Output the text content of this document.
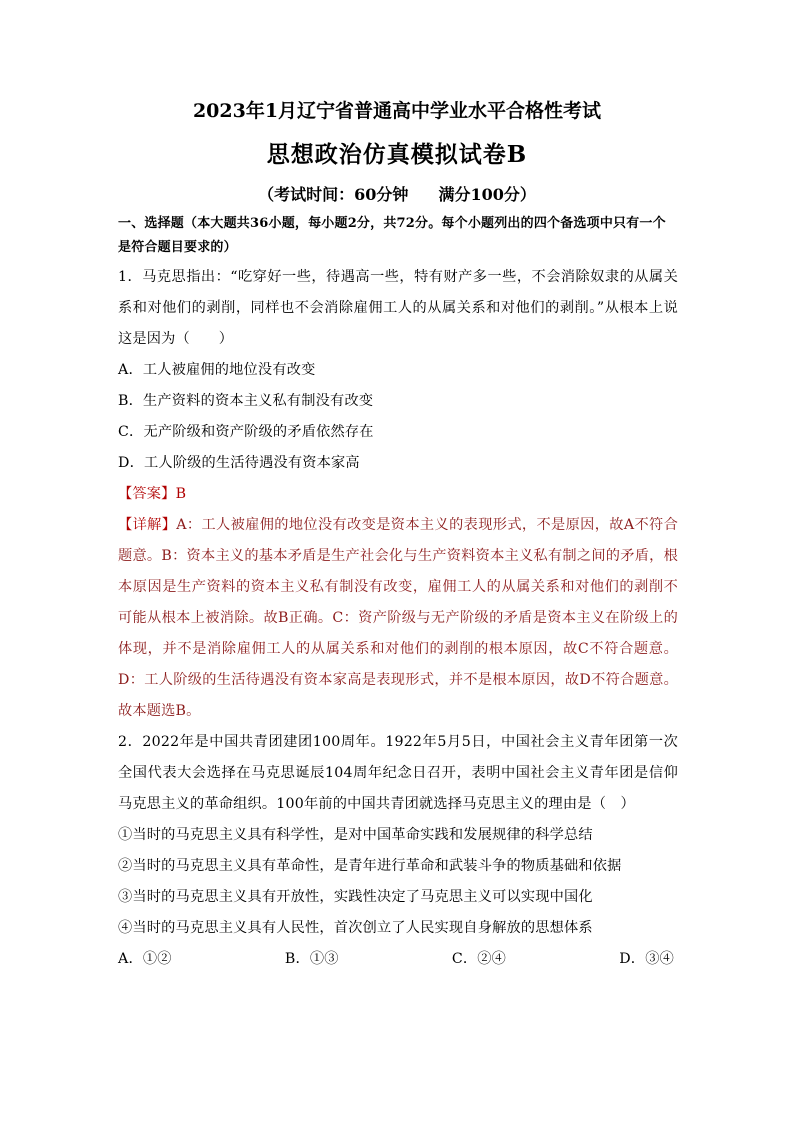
2023年1月辽宁省普通高中学业水平合格性考试
思想政治仿真模拟试卷B
（考试时间：60分钟 满分100分）
一、选择题（本大题共36小题，每小题2分，共72分。每个小题列出的四个备选项中只有一个是符合题目要求的）

1．马克思指出：“吃穿好一些，待遇高一些，特有财产多一些，不会消除奴隶的从属关系和对他们的剥削，同样也不会消除雇佣工人的从属关系和对他们的剥削。”从根本上说这是因为（　　）

A．工人被雇佣的地位没有改变

B．生产资料的资本主义私有制没有改变

C．无产阶级和资产阶级的矛盾依然存在

D．工人阶级的生活待遇没有资本家高

【答案】B

【详解】A：工人被雇佣的地位没有改变是资本主义的表现形式，不是原因，故A不符合题意。B：资本主义的基本矛盾是生产社会化与生产资料资本主义私有制之间的矛盾，根本原因是生产资料的资本主义私有制没有改变，雇佣工人的从属关系和对他们的剥削不可能从根本上被消除。故B正确。C：资产阶级与无产阶级的矛盾是资本主义在阶级上的体现，并不是消除雇佣工人的从属关系和对他们的剥削的根本原因，故C不符合题意。D：工人阶级的生活待遇没有资本家高是表现形式，并不是根本原因，故D不符合题意。故本题选B。

2．2022年是中国共青团建团100周年。1922年5月5日，中国社会主义青年团第一次全国代表大会选择在马克思诞辰104周年纪念日召开，表明中国社会主义青年团是信仰马克思主义的革命组织。100年前的中国共青团就选择马克思主义的理由是（　）

①当时的马克思主义具有科学性，是对中国革命实践和发展规律的科学总结

②当时的马克思主义具有革命性，是青年进行革命和武装斗争的物质基础和依据

③当时的马克思主义具有开放性，实践性决定了马克思主义可以实现中国化

④当时的马克思主义具有人民性，首次创立了人民实现自身解放的思想体系

A．①②	B．①③	C．②④	D．③④
